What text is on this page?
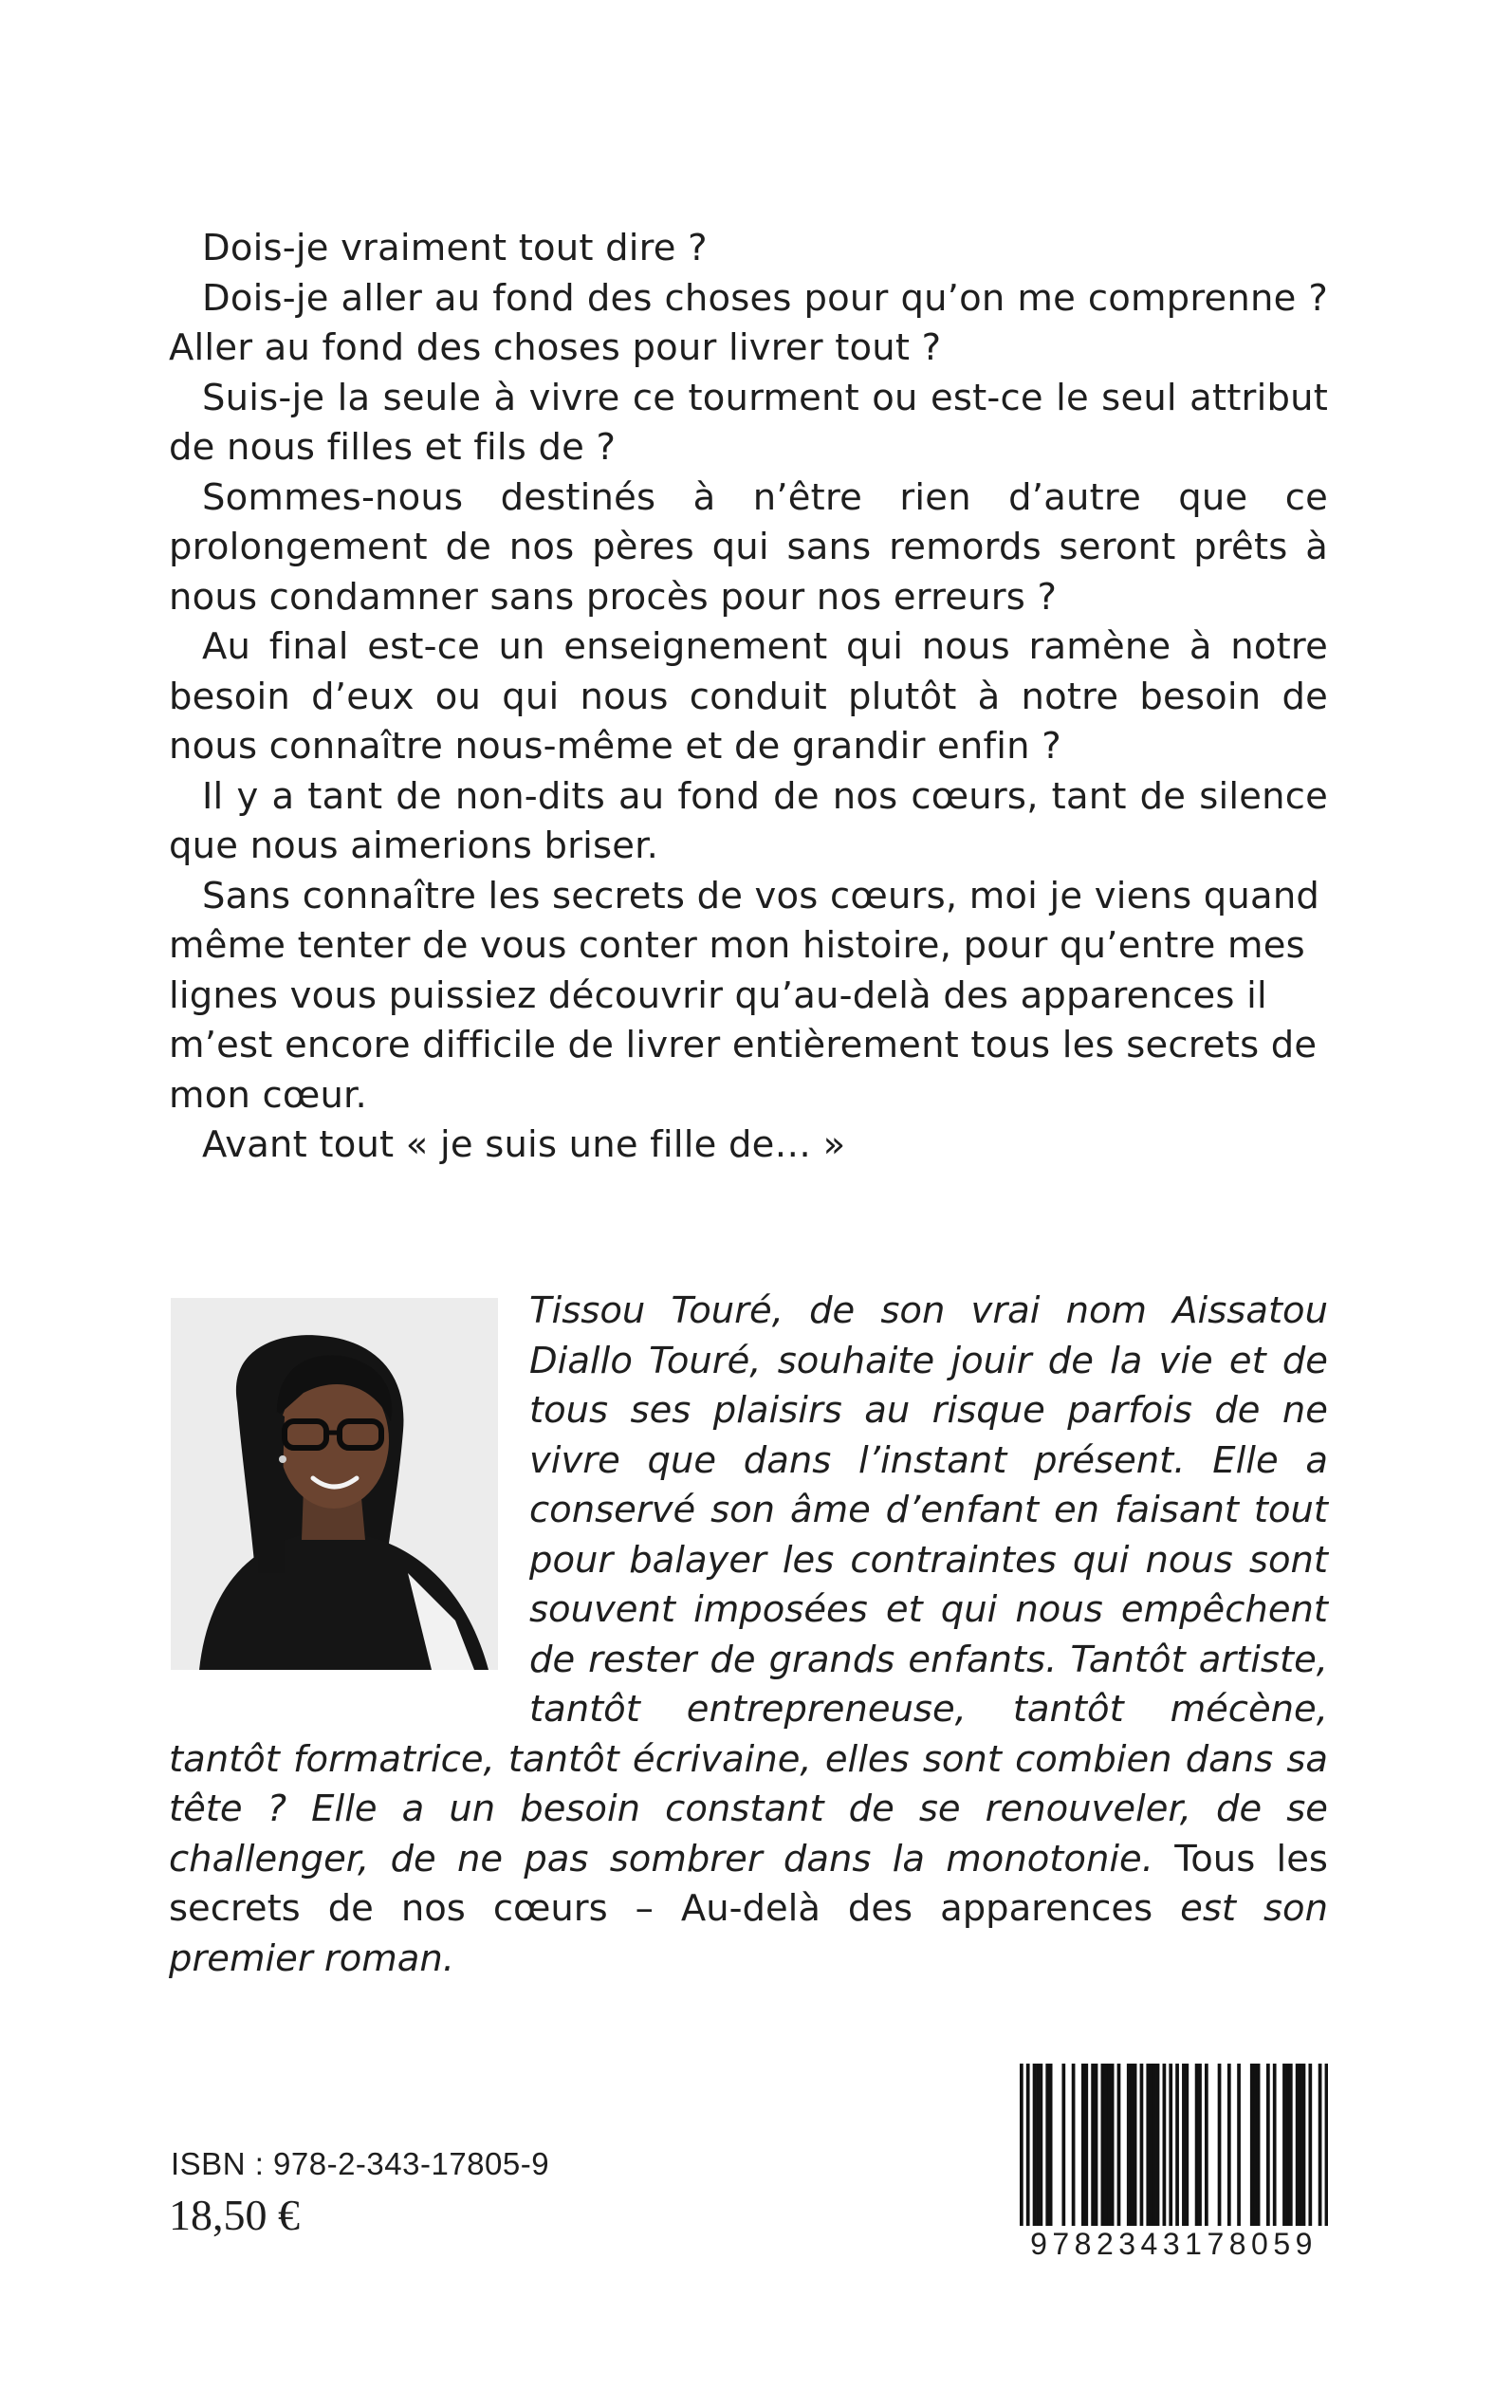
Dois-je vraiment tout dire ?

Dois-je aller au fond des choses pour qu’on me comprenne ? Aller au fond des choses pour livrer tout ?

Suis-je la seule à vivre ce tourment ou est-ce le seul attribut de nous filles et fils de ?

Sommes-nous destinés à n’être rien d’autre que ce prolongement de nos pères qui sans remords seront prêts à nous condamner sans procès pour nos erreurs ?

Au final est-ce un enseignement qui nous ramène à notre besoin d’eux ou qui nous conduit plutôt à notre besoin de nous connaître nous-même et de grandir enfin ?

Il y a tant de non-dits au fond de nos cœurs, tant de silence que nous aimerions briser.

Sans connaître les secrets de vos cœurs, moi je viens quand même tenter de vous conter mon histoire, pour qu’entre mes lignes vous puissiez découvrir qu’au-delà des apparences il m’est encore difficile de livrer entièrement tous les secrets de mon cœur.

Avant tout « je suis une fille de… »

Tissou Touré, de son vrai nom Aissatou Diallo Touré, souhaite jouir de la vie et de tous ses plaisirs au risque parfois de ne vivre que dans l’instant présent. Elle a conservé son âme d’enfant en faisant tout pour balayer les contraintes qui nous sont souvent imposées et qui nous empêchent de rester de grands enfants. Tantôt artiste, tantôt entrepreneuse, tantôt mécène, tantôt formatrice, tantôt écrivaine, elles sont combien dans sa tête ? Elle a un besoin constant de se renouveler, de se challenger, de ne pas sombrer dans la monotonie. Tous les secrets de nos cœurs – Au-delà des apparences est son premier roman.

ISBN : 978-2-343-17805-9
18,50 €
9782343178059
